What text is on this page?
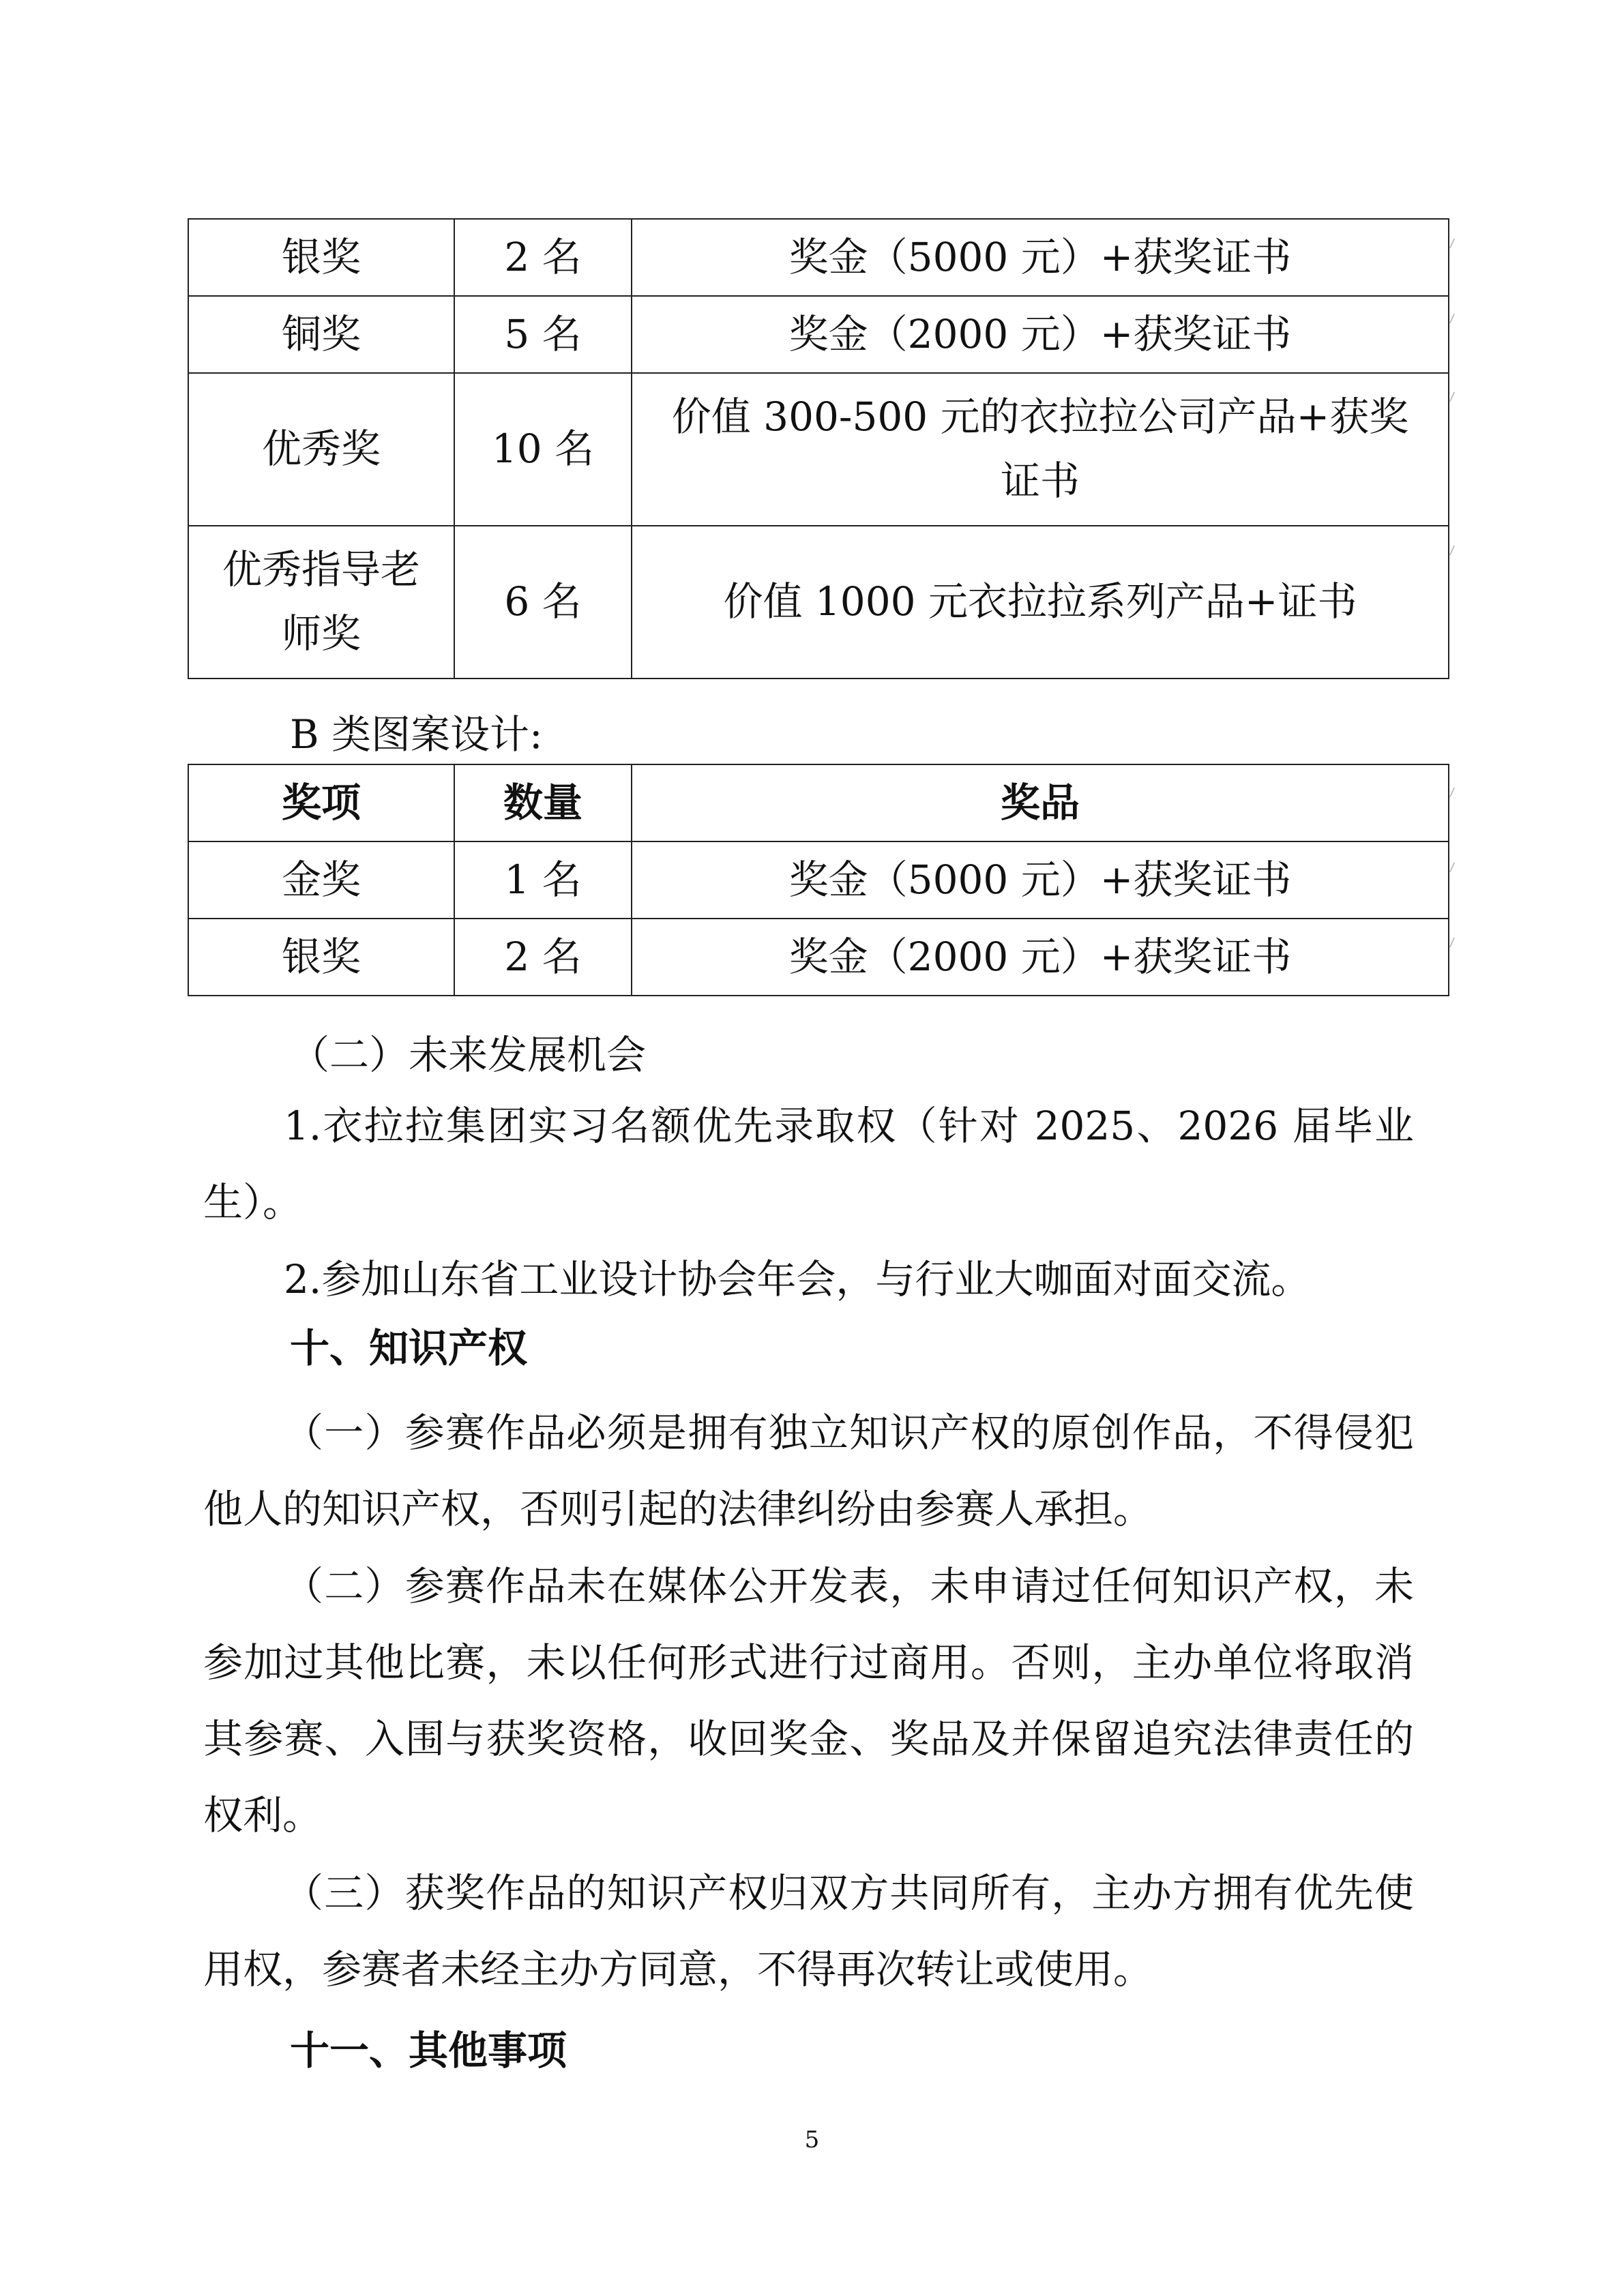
银奖	2 名	奖金（5000 元）+获奖证书
铜奖	5 名	奖金（2000 元）+获奖证书
优秀奖	10 名	价值 300-500 元的衣拉拉公司产品+获奖证书
优秀指导老师奖	6 名	价值 1000 元衣拉拉系列产品+证书
B 类图案设计:
奖项	数量	奖品
金奖	1 名	奖金（5000 元）+获奖证书
银奖	2 名	奖金（2000 元）+获奖证书
（二）未来发展机会
1.衣拉拉集团实习名额优先录取权（针对 2025、2026 届毕业生）。
2.参加山东省工业设计协会年会，与行业大咖面对面交流。
十、知识产权
（一）参赛作品必须是拥有独立知识产权的原创作品，不得侵犯他人的知识产权，否则引起的法律纠纷由参赛人承担。
（二）参赛作品未在媒体公开发表，未申请过任何知识产权，未参加过其他比赛，未以任何形式进行过商用。否则，主办单位将取消其参赛、入围与获奖资格，收回奖金、奖品及并保留追究法律责任的权利。
（三）获奖作品的知识产权归双方共同所有，主办方拥有优先使用权，参赛者未经主办方同意，不得再次转让或使用。
十一、其他事项
5
